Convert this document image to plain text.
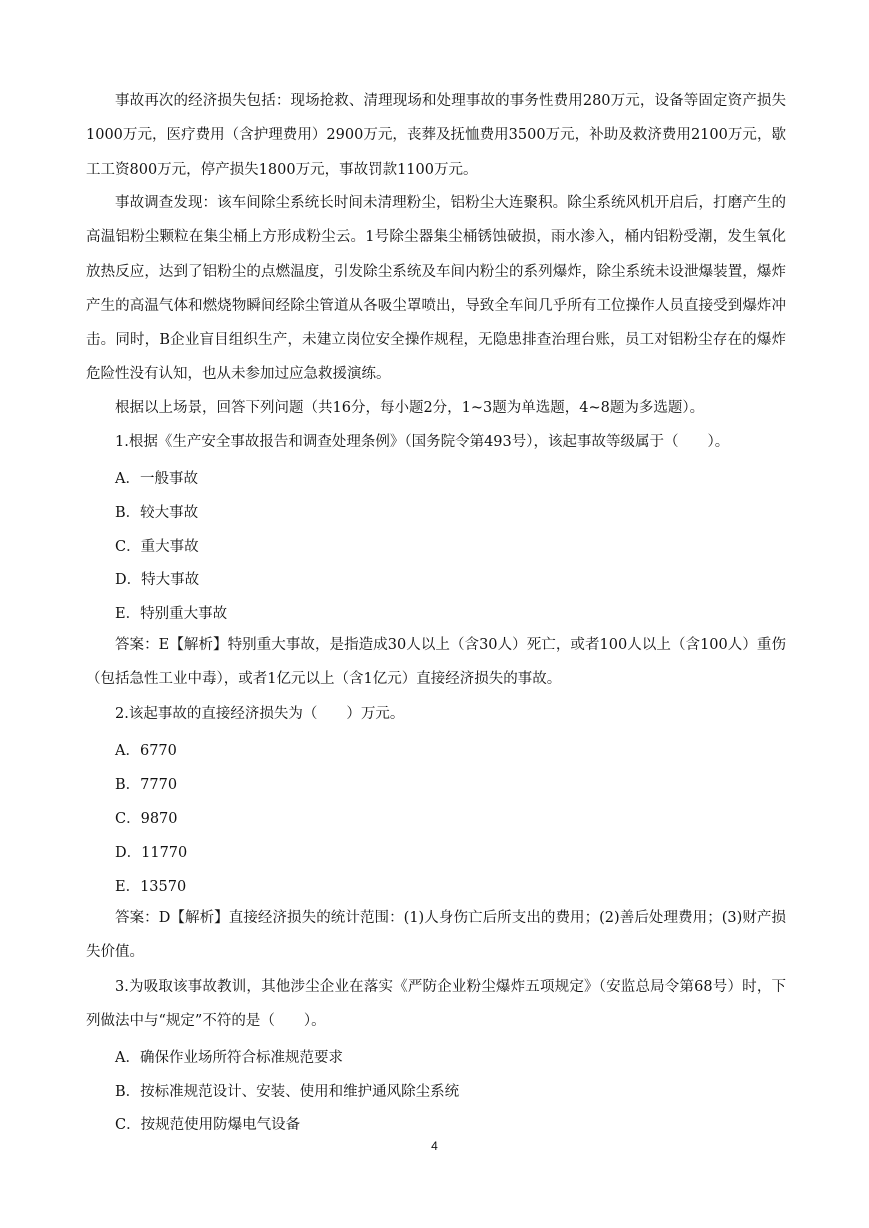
事故再次的经济损失包括：现场抢救、清理现场和处理事故的事务性费用280万元，设备等固定资产损失1000万元，医疗费用（含护理费用）2900万元，丧葬及抚恤费用3500万元，补助及救济费用2100万元，歇工工资800万元，停产损失1800万元，事故罚款1100万元。

事故调查发现：该车间除尘系统长时间未清理粉尘，铝粉尘大连聚积。除尘系统风机开启后，打磨产生的高温铝粉尘颗粒在集尘桶上方形成粉尘云。1号除尘器集尘桶锈蚀破损，雨水渗入，桶内铝粉受潮，发生氧化放热反应，达到了铝粉尘的点燃温度，引发除尘系统及车间内粉尘的系列爆炸，除尘系统未设泄爆装置，爆炸产生的高温气体和燃烧物瞬间经除尘管道从各吸尘罩喷出，导致全车间几乎所有工位操作人员直接受到爆炸冲击。同时，B企业盲目组织生产，未建立岗位安全操作规程，无隐患排查治理台账，员工对铝粉尘存在的爆炸危险性没有认知，也从未参加过应急救援演练。

根据以上场景，回答下列问题（共16分，每小题2分，1~3题为单选题，4~8题为多选题）。

1.根据《生产安全事故报告和调查处理条例》（国务院令第493号），该起事故等级属于（　　）。

A．一般事故

B．较大事故

C．重大事故

D．特大事故

E．特别重大事故

答案：E【解析】特别重大事故，是指造成30人以上（含30人）死亡，或者100人以上（含100人）重伤（包括急性工业中毒），或者1亿元以上（含1亿元）直接经济损失的事故。

2.该起事故的直接经济损失为（　　）万元。

A．6770

B．7770

C．9870

D．11770

E．13570

答案：D【解析】直接经济损失的统计范围：(1)人身伤亡后所支出的费用；(2)善后处理费用；(3)财产损失价值。

3.为吸取该事故教训，其他涉尘企业在落实《严防企业粉尘爆炸五项规定》（安监总局令第68号）时，下列做法中与“规定”不符的是（　　）。

A．确保作业场所符合标准规范要求

B．按标准规范设计、安装、使用和维护通风除尘系统

C．按规范使用防爆电气设备

4
